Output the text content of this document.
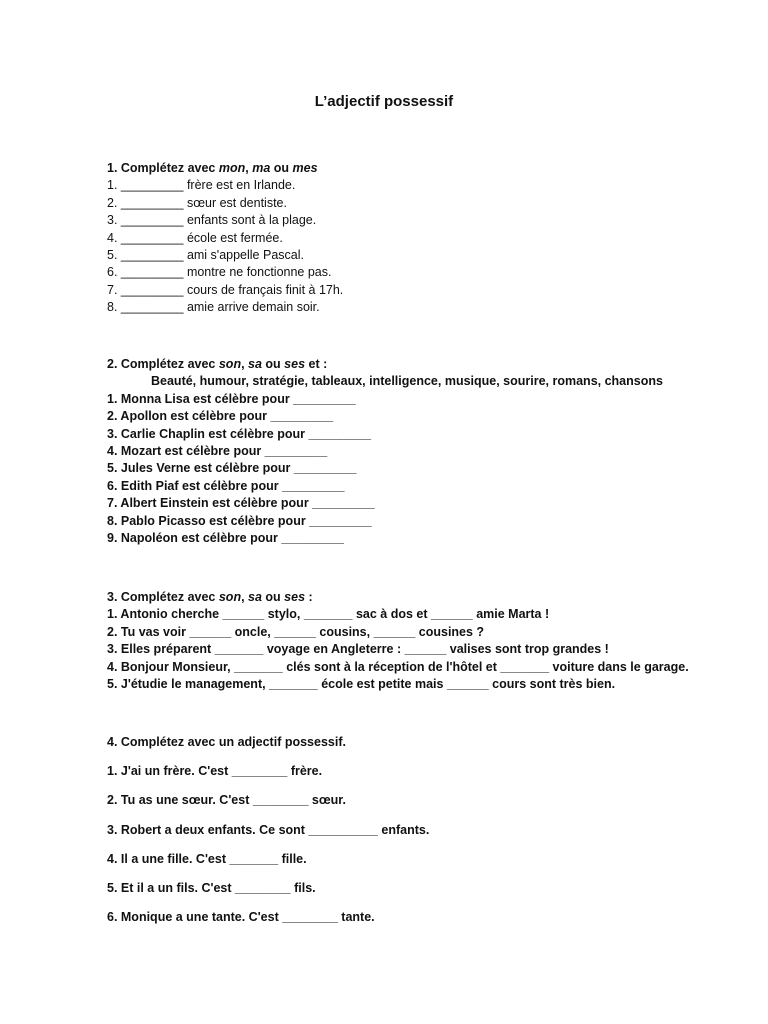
L’adjectif possessif
1. Complétez avec mon, ma ou mes
1. _________ frère est en Irlande.
2. _________ sœur est dentiste.
3. _________ enfants sont à la plage.
4. _________ école est fermée.
5. _________ ami s'appelle Pascal.
6. _________ montre ne fonctionne pas.
7. _________ cours de français finit à 17h.
8. _________ amie arrive demain soir.
2. Complétez avec son, sa ou ses et :
Beauté, humour, stratégie, tableaux, intelligence, musique, sourire, romans, chansons
1. Monna Lisa est célèbre pour _________
2. Apollon est célèbre pour _________
3. Carlie Chaplin est célèbre pour _________
4. Mozart est célèbre pour _________
5. Jules Verne est célèbre pour _________
6. Edith Piaf est célèbre pour _________
7. Albert Einstein est célèbre pour _________
8. Pablo Picasso est célèbre pour _________
9. Napoléon est célèbre pour _________
3. Complétez avec son, sa ou ses :
1. Antonio cherche ______ stylo, _______ sac à dos et ______ amie Marta !
2. Tu vas voir ______ oncle, ______ cousins, ______ cousines ?
3. Elles préparent _______ voyage en Angleterre : ______ valises sont trop grandes !
4. Bonjour Monsieur, _______ clés sont à la réception de l'hôtel et _______ voiture dans le garage.
5. J'étudie le management, _______ école est petite mais ______ cours sont très bien.
4. Complétez avec un adjectif possessif.
1. J'ai un frère. C'est ________ frère.
2. Tu as une sœur. C'est ________ sœur.
3. Robert a deux enfants. Ce sont __________ enfants.
4. Il a une fille. C'est _______ fille.
5. Et il a un fils. C'est ________ fils.
6. Monique a une tante. C'est ________ tante.
